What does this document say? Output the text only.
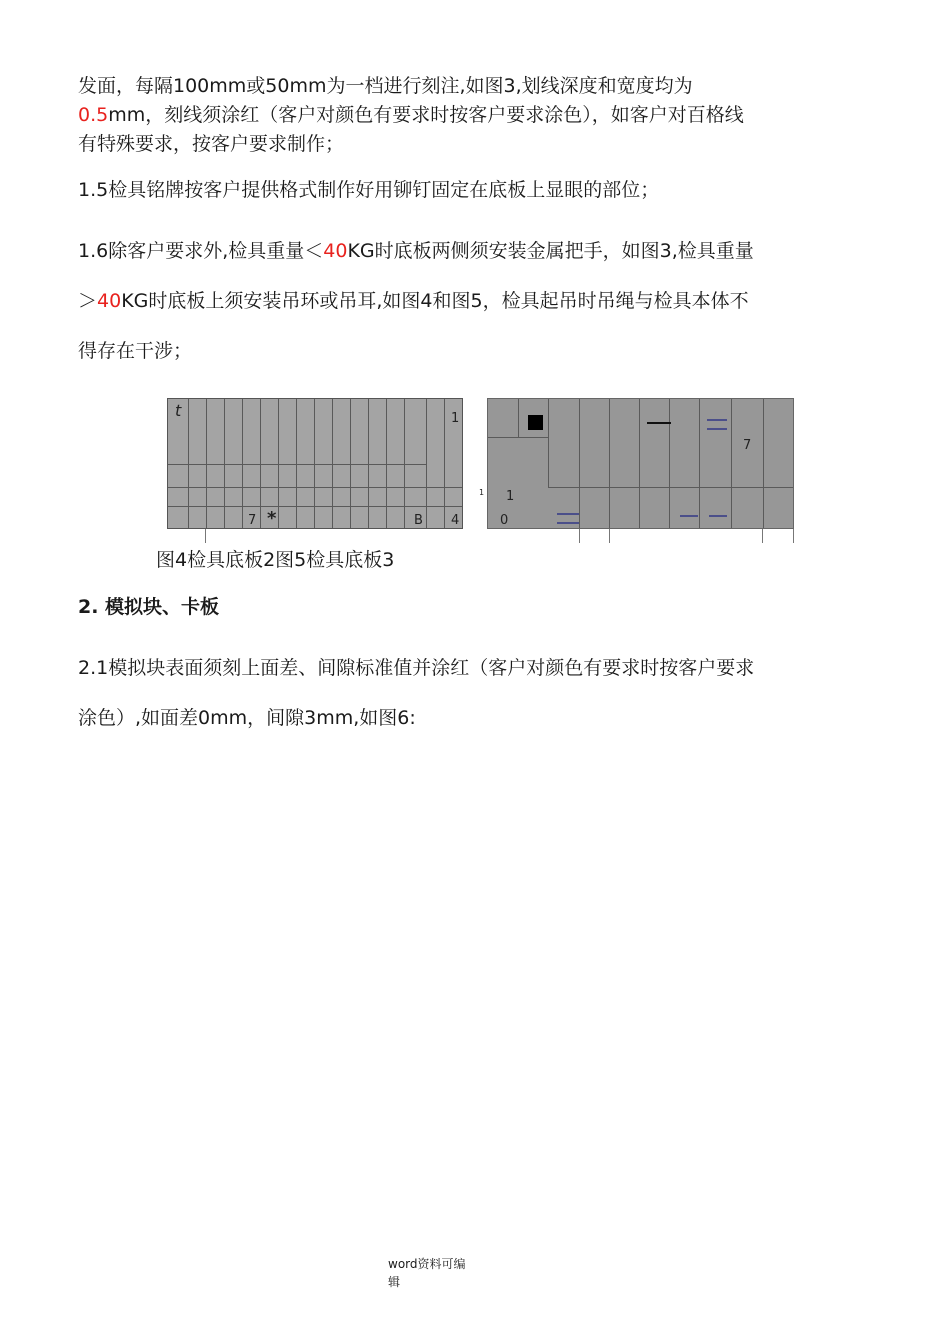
发面，每隔100mm或50mm为一档进行刻注,如图3,划线深度和宽度均为
0.5mm，刻线须涂红（客户对颜色有要求时按客户要求涂色），如客户对百格线
有特殊要求，按客户要求制作；
1.5检具铭牌按客户提供格式制作好用铆钉固定在底板上显眼的部位；
1.6除客户要求外,检具重量＜40KG时底板两侧须安装金属把手，如图3,检具重量
＞40KG时底板上须安装吊环或吊耳,如图4和图5，检具起吊时吊绳与检具本体不
得存在干涉；
t	1
7 *	B 4
1
7
1
0
图4检具底板2图5检具底板3
2. 模拟块、卡板
2.1模拟块表面须刻上面差、间隙标准值并涂红（客户对颜色有要求时按客户要求
涂色）,如面差0mm，间隙3mm,如图6:
word资料可编
辑
